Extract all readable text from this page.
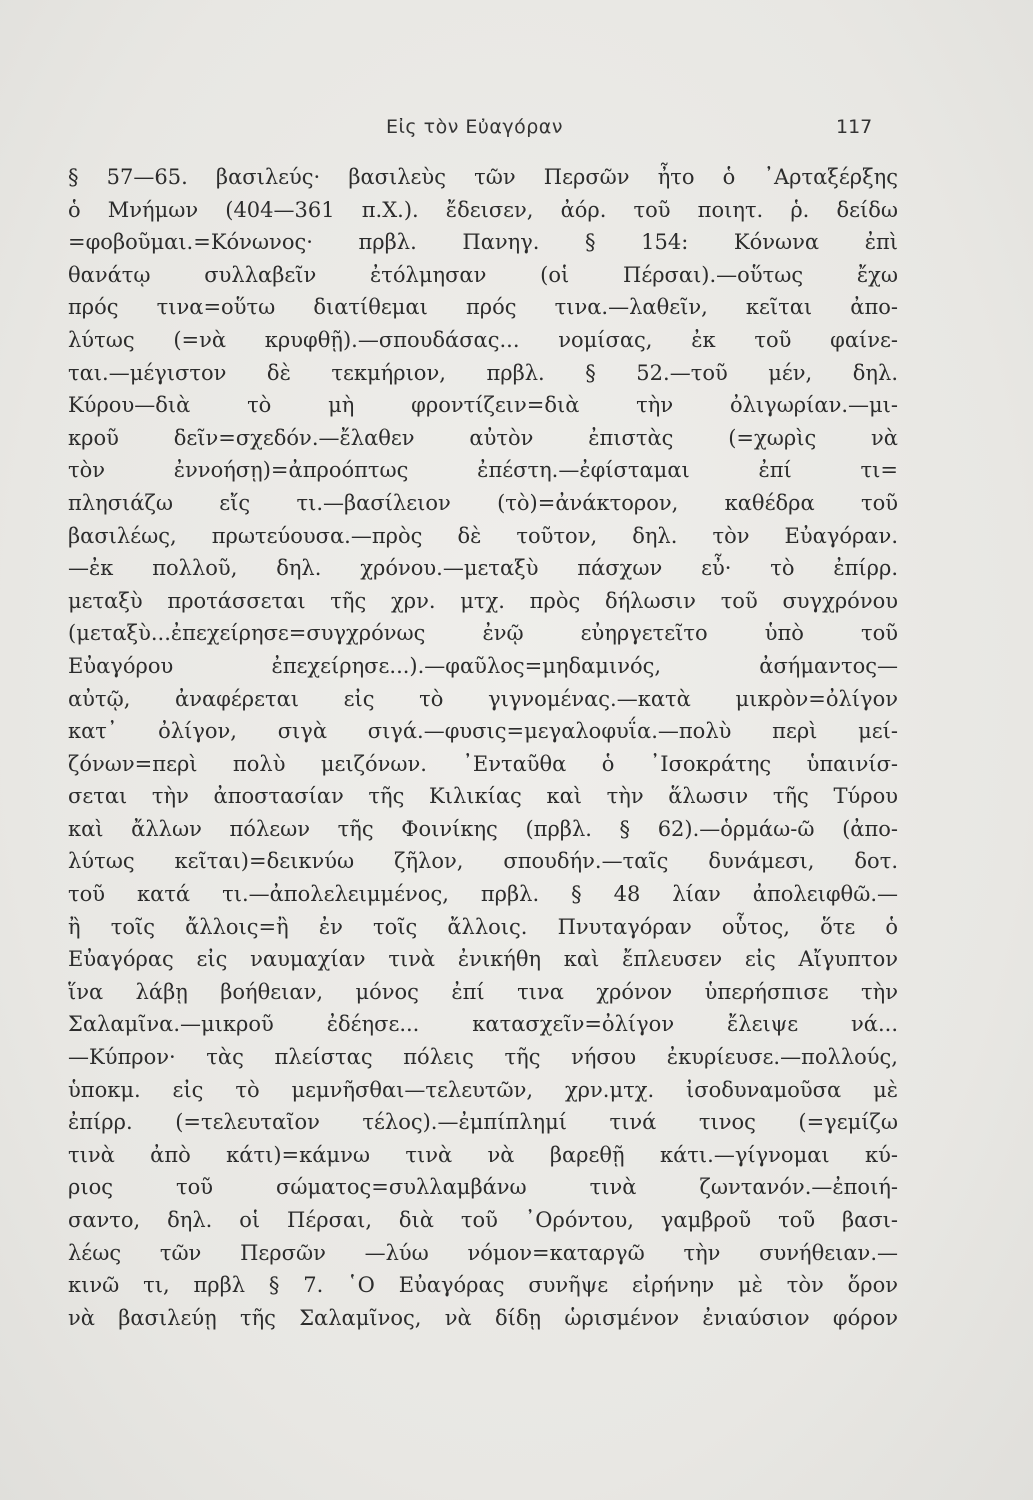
Εἰς τὸν Εὐαγόραν	117
§ 57—65. βασιλεύς· βασιλεὺς τῶν Περσῶν ἦτο ὁ ᾿Αρταξέρξης
ὁ Μνήμων (404—361 π.Χ.). ἔδεισεν, ἀόρ. τοῦ ποιητ. ῥ. δείδω
=φοβοῦμαι.=Κόνωνος· πρβλ. Πανηγ. § 154: Κόνωνα ἐπὶ
θανάτῳ συλλαβεῖν ἐτόλμησαν (οἱ Πέρσαι).—οὕτως ἔχω
πρός τινα=οὕτω διατίθεμαι πρός τινα.—λαθεῖν, κεῖται ἀπο-
λύτως (=νὰ κρυφθῇ).—σπουδάσας... νομίσας, ἐκ τοῦ φαίνε-
ται.—μέγιστον δὲ τεκμήριον, πρβλ. § 52.—τοῦ μέν, δηλ.
Κύρου—διὰ τὸ μὴ φροντίζειν=διὰ τὴν ὀλιγωρίαν.—μι-
κροῦ δεῖν=σχεδόν.—ἔλαθεν αὐτὸν ἐπιστὰς (=χωρὶς νὰ
τὸν ἐννοήσῃ)=ἀπροόπτως ἐπέστη.—ἐφίσταμαι ἐπί τι=
πλησιάζω εἴς τι.—βασίλειον (τὸ)=ἀνάκτορον, καθέδρα τοῦ
βασιλέως, πρωτεύουσα.—πρὸς δὲ τοῦτον, δηλ. τὸν Εὐαγόραν.
—ἐκ πολλοῦ, δηλ. χρόνου.—μεταξὺ πάσχων εὖ· τὸ ἐπίρρ.
μεταξὺ προτάσσεται τῆς χρν. μτχ. πρὸς δήλωσιν τοῦ συγχρόνου
(μεταξὺ...ἐπεχείρησε=συγχρόνως ἐνῷ εὐηργετεῖτο ὑπὸ τοῦ
Εὐαγόρου ἐπεχείρησε...).—φαῦλος=μηδαμινός, ἀσήμαντος—
αὐτῷ, ἀναφέρεται εἰς τὸ γιγνομένας.—κατὰ μικρὸν=ὀλίγον
κατ᾿ ὀλίγον, σιγὰ σιγά.—φυσις=μεγαλοφυΐα.—πολὺ περὶ μεί-
ζόνων=περὶ πολὺ μειζόνων. ᾿Ενταῦθα ὁ ᾿Ισοκράτης ὑπαινίσ-
σεται τὴν ἀποστασίαν τῆς Κιλικίας καὶ τὴν ἅλωσιν τῆς Τύρου
καὶ ἄλλων πόλεων τῆς Φοινίκης (πρβλ. § 62).—ὁρμάω-ῶ (ἀπο-
λύτως κεῖται)=δεικνύω ζῆλον, σπουδήν.—ταῖς δυνάμεσι, δοτ.
τοῦ κατά τι.—ἀπολελειμμένος, πρβλ. § 48 λίαν ἀπολειφθῶ.—
ἢ τοῖς ἄλλοις=ἢ ἐν τοῖς ἄλλοις. Πνυταγόραν οὗτος, ὅτε ὁ
Εὐαγόρας εἰς ναυμαχίαν τινὰ ἐνικήθη καὶ ἔπλευσεν εἰς Αἴγυπτον
ἵνα λάβῃ βοήθειαν, μόνος ἐπί τινα χρόνον ὑπερήσπισε τὴν
Σαλαμῖνα.—μικροῦ ἐδέησε... κατασχεῖν=ὀλίγον ἔλειψε νά...
—Κύπρον· τὰς πλείστας πόλεις τῆς νήσου ἐκυρίευσε.—πολλούς,
ὑποκμ. εἰς τὸ μεμνῆσθαι—τελευτῶν, χρν.μτχ. ἰσοδυναμοῦσα μὲ
ἐπίρρ. (=τελευταῖον τέλος).—ἐμπίπλημί τινά τινος (=γεμίζω
τινὰ ἀπὸ κάτι)=κάμνω τινὰ νὰ βαρεθῇ κάτι.—γίγνομαι κύ-
ριος τοῦ σώματος=συλλαμβάνω τινὰ ζωντανόν.—ἐποιή-
σαντο, δηλ. οἱ Πέρσαι, διὰ τοῦ ᾿Ορόντου, γαμβροῦ τοῦ βασι-
λέως τῶν Περσῶν —λύω νόμον=καταργῶ τὴν συνήθειαν.—
κινῶ τι, πρβλ § 7. ῾Ο Εὐαγόρας συνῆψε εἰρήνην μὲ τὸν ὅρον
νὰ βασιλεύῃ τῆς Σαλαμῖνος, νὰ δίδῃ ὡρισμένον ἐνιαύσιον φόρον
